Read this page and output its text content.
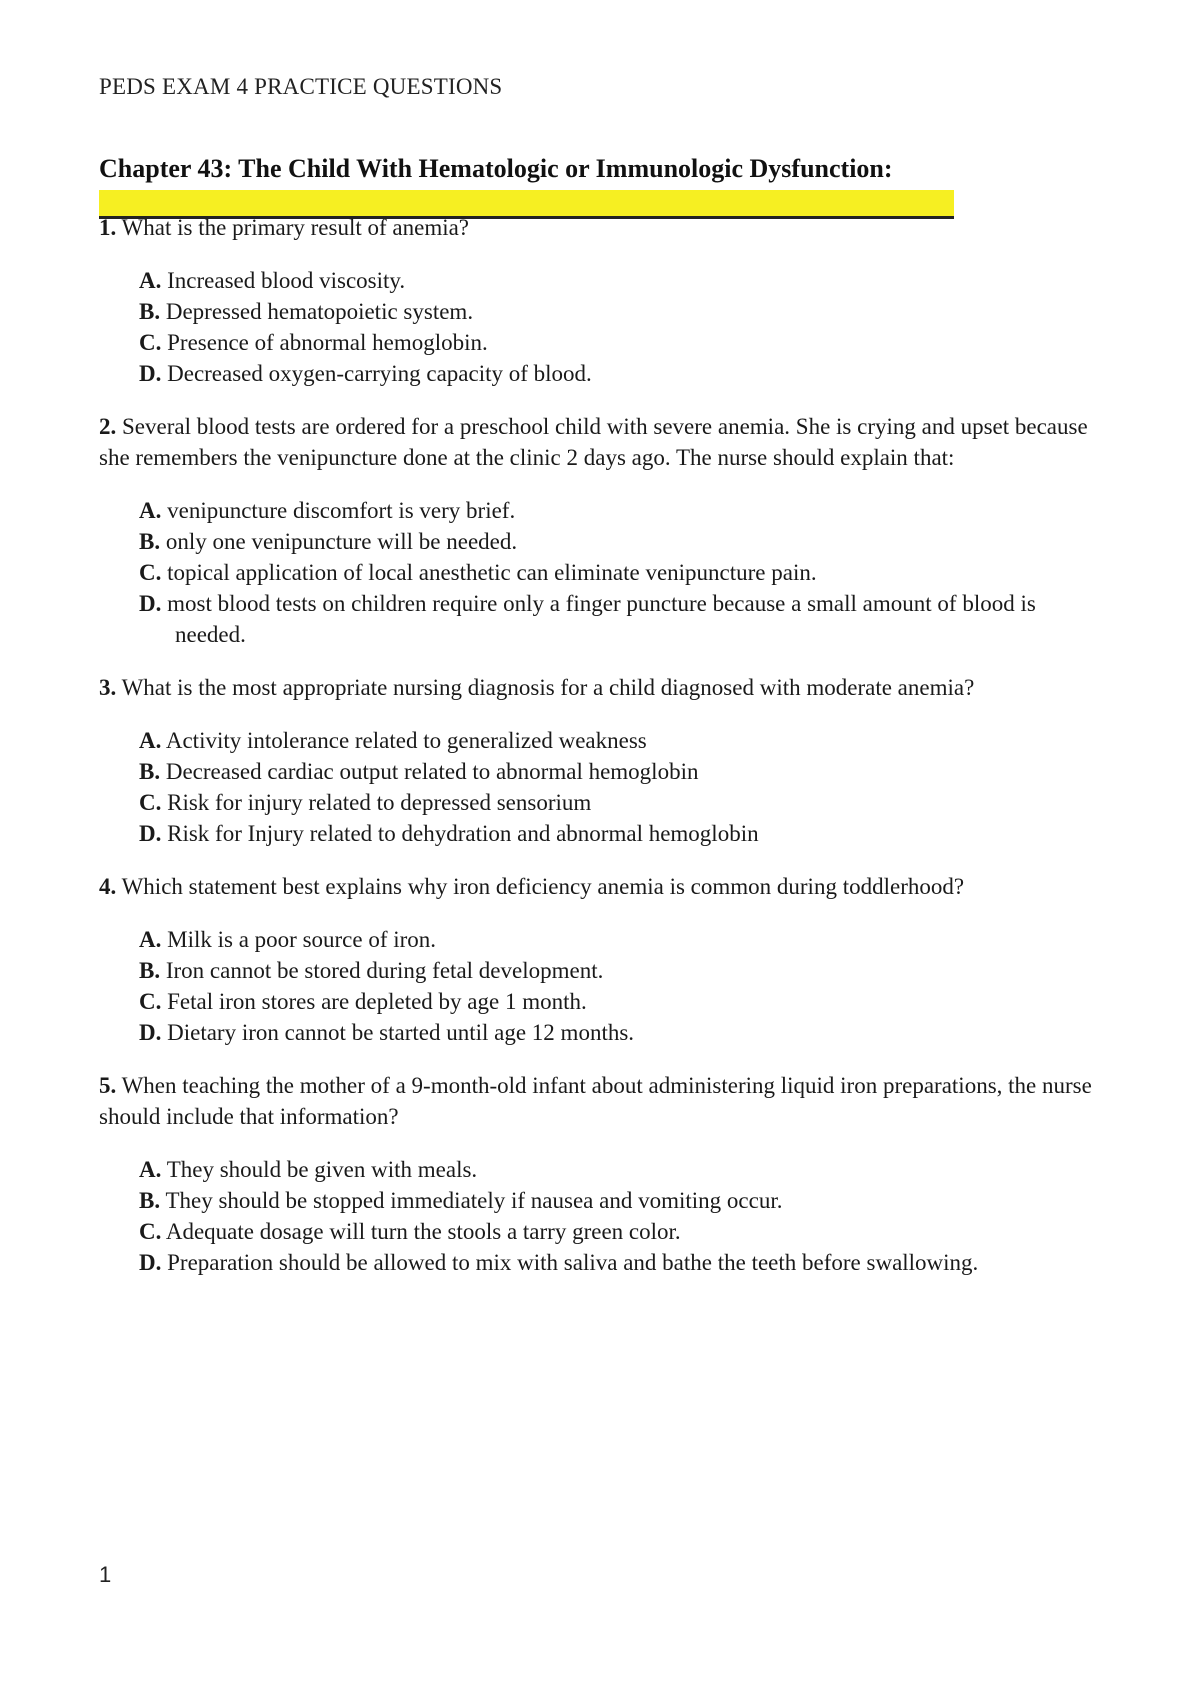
PEDS EXAM 4 PRACTICE QUESTIONS
Chapter 43: The Child With Hematologic or Immunologic Dysfunction:

1. What is the primary result of anemia?

A. Increased blood viscosity.
B. Depressed hematopoietic system.
C. Presence of abnormal hemoglobin.
D. Decreased oxygen-carrying capacity of blood.

2. Several blood tests are ordered for a preschool child with severe anemia. She is crying and upset because she remembers the venipuncture done at the clinic 2 days ago. The nurse should explain that:

A. venipuncture discomfort is very brief.
B. only one venipuncture will be needed.
C. topical application of local anesthetic can eliminate venipuncture pain.
D. most blood tests on children require only a finger puncture because a small amount of blood is needed.

3. What is the most appropriate nursing diagnosis for a child diagnosed with moderate anemia?

A. Activity intolerance related to generalized weakness
B. Decreased cardiac output related to abnormal hemoglobin
C. Risk for injury related to depressed sensorium
D. Risk for Injury related to dehydration and abnormal hemoglobin

4. Which statement best explains why iron deficiency anemia is common during toddlerhood?

A. Milk is a poor source of iron.
B. Iron cannot be stored during fetal development.
C. Fetal iron stores are depleted by age 1 month.
D. Dietary iron cannot be started until age 12 months.

5. When teaching the mother of a 9-month-old infant about administering liquid iron preparations, the nurse should include that information?

A. They should be given with meals.
B. They should be stopped immediately if nausea and vomiting occur.
C. Adequate dosage will turn the stools a tarry green color.
D. Preparation should be allowed to mix with saliva and bathe the teeth before swallowing.
1
